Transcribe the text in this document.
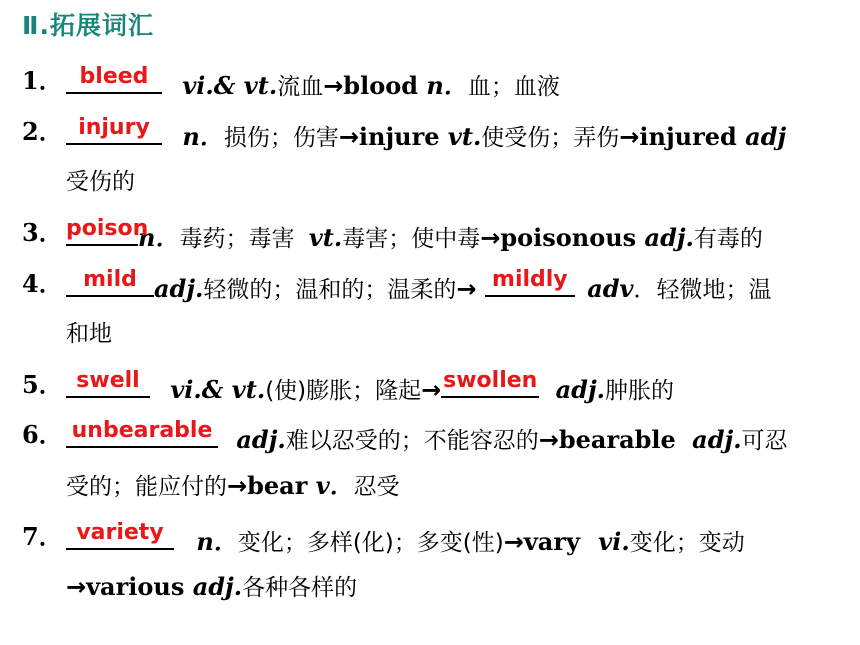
Ⅱ.拓展词汇
1． bleed	vi.& vt.流血→blood n．血；血液
2． injury	n．损伤；伤害→injure vt.使受伤；弄伤→injured adj
受伤的
3． poison
n．毒药；毒害 vt.毒害；使中毒→poisonous adj.有毒的
4． mild adj.轻微的；温和的；温柔的→ mildly adv．轻微地；温
和地
5． swell	vi.& vt.(使)膨胀；隆起→ swollen adj.肿胀的
6． unbearable adj.难以忍受的；不能容忍的→bearable adj.可忍
受的；能应付的→bear v．忍受
7． variety	n．变化；多样(化)；多变(性)→vary vi.变化；变动
→various adj.各种各样的
